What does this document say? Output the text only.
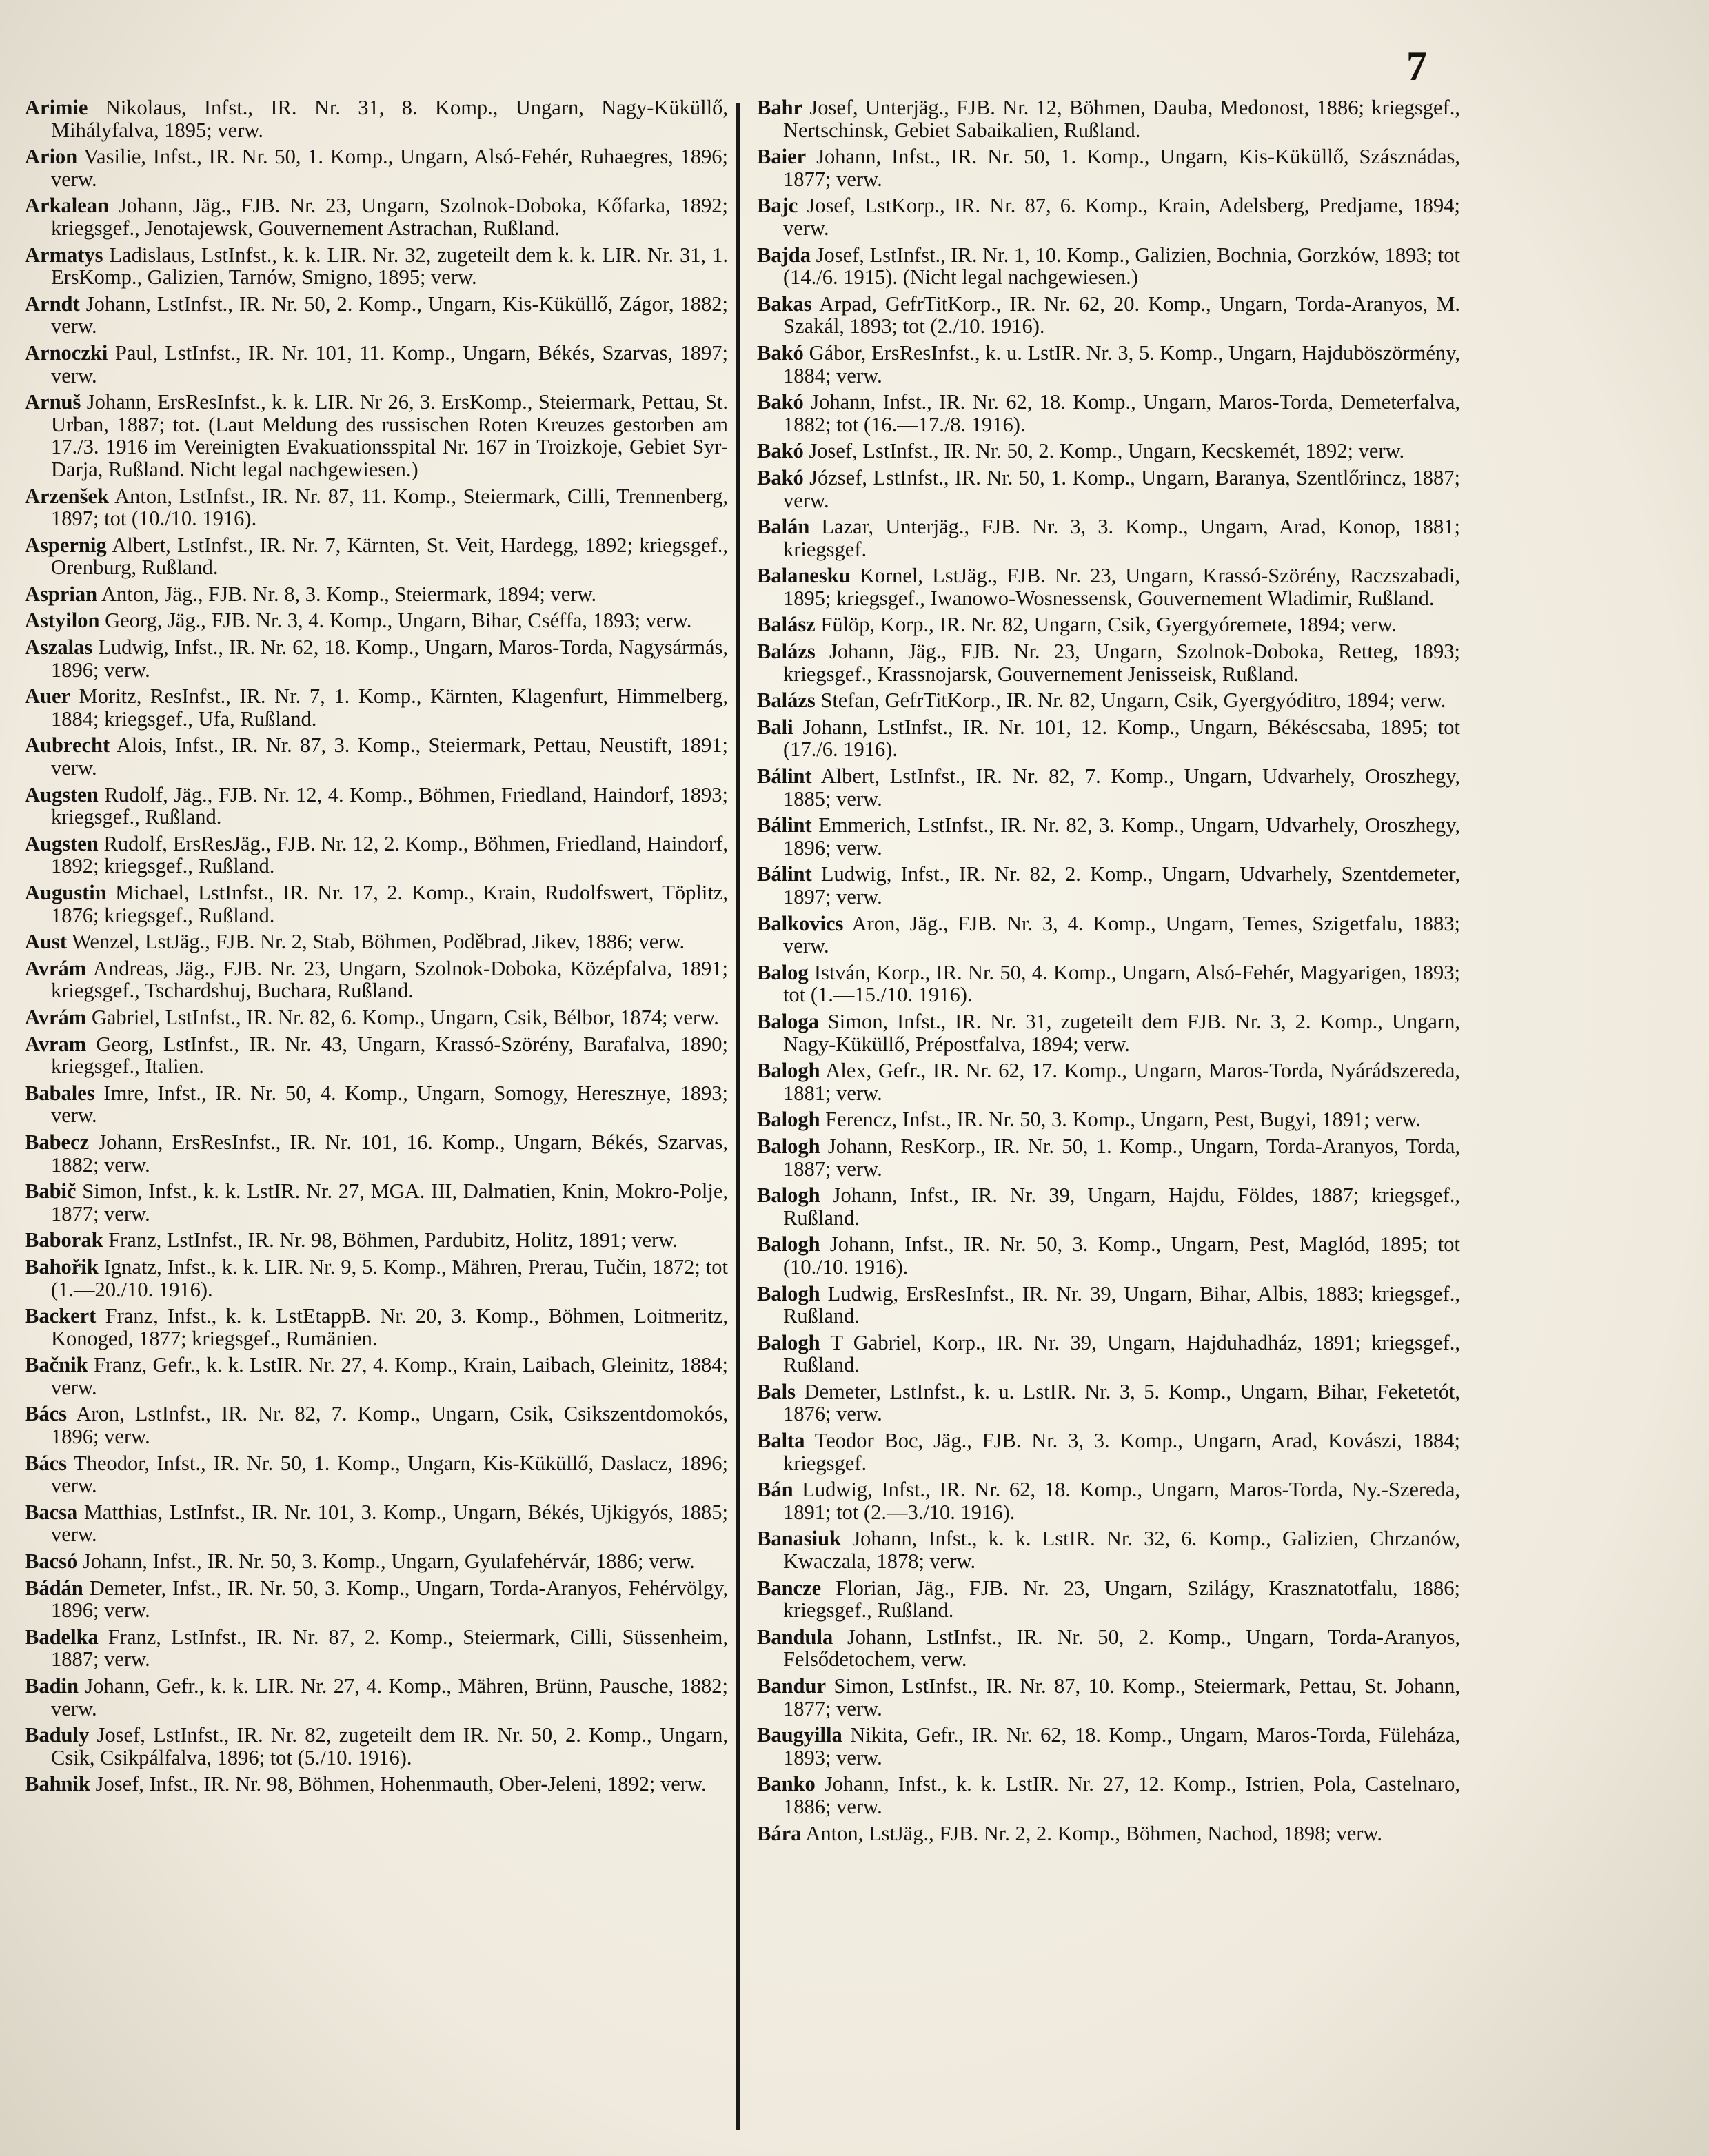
7

Arimie Nikolaus, Infst., IR. Nr. 31, 8. Komp., Ungarn, Nagy-Küküllő, Mihályfalva, 1895; verw.

Arion Vasilie, Infst., IR. Nr. 50, 1. Komp., Ungarn, Alsó-Fehér, Ruhaegres, 1896; verw.

Arkalean Johann, Jäg., FJB. Nr. 23, Ungarn, Szolnok-Doboka, Kőfarka, 1892; kriegsgef., Jenotajewsk, Gouvernement Astrachan, Rußland.

Armatys Ladislaus, LstInfst., k. k. LIR. Nr. 32, zugeteilt dem k. k. LIR. Nr. 31, 1. ErsKomp., Galizien, Tarnów, Smigno, 1895; verw.

Arndt Johann, LstInfst., IR. Nr. 50, 2. Komp., Ungarn, Kis-Küküllő, Zágor, 1882; verw.

Arnoczki Paul, LstInfst., IR. Nr. 101, 11. Komp., Ungarn, Békés, Szarvas, 1897; verw.

Arnuš Johann, ErsResInfst., k. k. LIR. Nr 26, 3. ErsKomp., Steiermark, Pettau, St. Urban, 1887; tot. (Laut Meldung des russischen Roten Kreuzes gestorben am 17./3. 1916 im Vereinigten Evakuationsspital Nr. 167 in Troizkoje, Gebiet Syr-Darja, Rußland. Nicht legal nachgewiesen.)

Arzenšek Anton, LstInfst., IR. Nr. 87, 11. Komp., Steiermark, Cilli, Trennenberg, 1897; tot (10./10. 1916).

Aspernig Albert, LstInfst., IR. Nr. 7, Kärnten, St. Veit, Hardegg, 1892; kriegsgef., Orenburg, Rußland.

Asprian Anton, Jäg., FJB. Nr. 8, 3. Komp., Steiermark, 1894; verw.

Astyilon Georg, Jäg., FJB. Nr. 3, 4. Komp., Ungarn, Bihar, Cséffa, 1893; verw.

Aszalas Ludwig, Infst., IR. Nr. 62, 18. Komp., Ungarn, Maros-Torda, Nagysármás, 1896; verw.

Auer Moritz, ResInfst., IR. Nr. 7, 1. Komp., Kärnten, Klagenfurt, Himmelberg, 1884; kriegsgef., Ufa, Rußland.

Aubrecht Alois, Infst., IR. Nr. 87, 3. Komp., Steiermark, Pettau, Neustift, 1891; verw.

Augsten Rudolf, Jäg., FJB. Nr. 12, 4. Komp., Böhmen, Friedland, Haindorf, 1893; kriegsgef., Rußland.

Augsten Rudolf, ErsResJäg., FJB. Nr. 12, 2. Komp., Böhmen, Friedland, Haindorf, 1892; kriegsgef., Rußland.

Augustin Michael, LstInfst., IR. Nr. 17, 2. Komp., Krain, Rudolfswert, Töplitz, 1876; kriegsgef., Rußland.

Aust Wenzel, LstJäg., FJB. Nr. 2, Stab, Böhmen, Poděbrad, Jikev, 1886; verw.

Avrám Andreas, Jäg., FJB. Nr. 23, Ungarn, Szolnok-Doboka, Középfalva, 1891; kriegsgef., Tschardshuj, Buchara, Rußland.

Avrám Gabriel, LstInfst., IR. Nr. 82, 6. Komp., Ungarn, Csik, Bélbor, 1874; verw.

Avram Georg, LstInfst., IR. Nr. 43, Ungarn, Krassó-Szörény, Barafalva, 1890; kriegsgef., Italien.

Babales Imre, Infst., IR. Nr. 50, 4. Komp., Ungarn, Somogy, Hereszнye, 1893; verw.

Babecz Johann, ErsResInfst., IR. Nr. 101, 16. Komp., Ungarn, Békés, Szarvas, 1882; verw.

Babič Simon, Infst., k. k. LstIR. Nr. 27, MGA. III, Dalmatien, Knin, Mokro-Polje, 1877; verw.

Baborak Franz, LstInfst., IR. Nr. 98, Böhmen, Pardubitz, Holitz, 1891; verw.

Bahořik Ignatz, Infst., k. k. LIR. Nr. 9, 5. Komp., Mähren, Prerau, Tučin, 1872; tot (1.—20./10. 1916).

Backert Franz, Infst., k. k. LstEtappB. Nr. 20, 3. Komp., Böhmen, Loitmeritz, Konoged, 1877; kriegsgef., Rumänien.

Bačnik Franz, Gefr., k. k. LstIR. Nr. 27, 4. Komp., Krain, Laibach, Gleinitz, 1884; verw.

Bács Aron, LstInfst., IR. Nr. 82, 7. Komp., Ungarn, Csik, Csikszentdomokós, 1896; verw.

Bács Theodor, Infst., IR. Nr. 50, 1. Komp., Ungarn, Kis-Küküllő, Daslacz, 1896; verw.

Bacsa Matthias, LstInfst., IR. Nr. 101, 3. Komp., Ungarn, Békés, Ujkigyós, 1885; verw.

Bacsó Johann, Infst., IR. Nr. 50, 3. Komp., Ungarn, Gyulafehérvár, 1886; verw.

Bádán Demeter, Infst., IR. Nr. 50, 3. Komp., Ungarn, Torda-Aranyos, Fehérvölgy, 1896; verw.

Badelka Franz, LstInfst., IR. Nr. 87, 2. Komp., Steiermark, Cilli, Süssenheim, 1887; verw.

Badin Johann, Gefr., k. k. LIR. Nr. 27, 4. Komp., Mähren, Brünn, Pausche, 1882; verw.

Baduly Josef, LstInfst., IR. Nr. 82, zugeteilt dem IR. Nr. 50, 2. Komp., Ungarn, Csik, Csikpálfalva, 1896; tot (5./10. 1916).

Bahnik Josef, Infst., IR. Nr. 98, Böhmen, Hohenmauth, Ober-Jeleni, 1892; verw.

Bahr Josef, Unterjäg., FJB. Nr. 12, Böhmen, Dauba, Medonost, 1886; kriegsgef., Nertschinsk, Gebiet Sabaikalien, Rußland.

Baier Johann, Infst., IR. Nr. 50, 1. Komp., Ungarn, Kis-Küküllő, Szásznádas, 1877; verw.

Bajc Josef, LstKorp., IR. Nr. 87, 6. Komp., Krain, Adelsberg, Predjame, 1894; verw.

Bajda Josef, LstInfst., IR. Nr. 1, 10. Komp., Galizien, Bochnia, Gorzków, 1893; tot (14./6. 1915). (Nicht legal nachgewiesen.)

Bakas Arpad, GefrTitKorp., IR. Nr. 62, 20. Komp., Ungarn, Torda-Aranyos, M. Szakál, 1893; tot (2./10. 1916).

Bakó Gábor, ErsResInfst., k. u. LstIR. Nr. 3, 5. Komp., Ungarn, Hajduböszörmény, 1884; verw.

Bakó Johann, Infst., IR. Nr. 62, 18. Komp., Ungarn, Maros-Torda, Demeterfalva, 1882; tot (16.—17./8. 1916).

Bakó Josef, LstInfst., IR. Nr. 50, 2. Komp., Ungarn, Kecskemét, 1892; verw.

Bakó József, LstInfst., IR. Nr. 50, 1. Komp., Ungarn, Baranya, Szentlőrincz, 1887; verw.

Balán Lazar, Unterjäg., FJB. Nr. 3, 3. Komp., Ungarn, Arad, Konop, 1881; kriegsgef.

Balanesku Kornel, LstJäg., FJB. Nr. 23, Ungarn, Krassó-Szörény, Raczszabadi, 1895; kriegsgef., Iwanowo-Wosnessensk, Gouvernement Wladimir, Rußland.

Balász Fülöp, Korp., IR. Nr. 82, Ungarn, Csik, Gyergyóremete, 1894; verw.

Balázs Johann, Jäg., FJB. Nr. 23, Ungarn, Szolnok-Doboka, Retteg, 1893; kriegsgef., Krassnojarsk, Gouvernement Jenisseisk, Rußland.

Balázs Stefan, GefrTitKorp., IR. Nr. 82, Ungarn, Csik, Gyergyóditro, 1894; verw.

Bali Johann, LstInfst., IR. Nr. 101, 12. Komp., Ungarn, Békéscsaba, 1895; tot (17./6. 1916).

Bálint Albert, LstInfst., IR. Nr. 82, 7. Komp., Ungarn, Udvarhely, Oroszhegy, 1885; verw.

Bálint Emmerich, LstInfst., IR. Nr. 82, 3. Komp., Ungarn, Udvarhely, Oroszhegy, 1896; verw.

Bálint Ludwig, Infst., IR. Nr. 82, 2. Komp., Ungarn, Udvarhely, Szentdemeter, 1897; verw.

Balkovics Aron, Jäg., FJB. Nr. 3, 4. Komp., Ungarn, Temes, Szigetfalu, 1883; verw.

Balog István, Korp., IR. Nr. 50, 4. Komp., Ungarn, Alsó-Fehér, Magyarigen, 1893; tot (1.—15./10. 1916).

Baloga Simon, Infst., IR. Nr. 31, zugeteilt dem FJB. Nr. 3, 2. Komp., Ungarn, Nagy-Küküllő, Prépostfalva, 1894; verw.

Balogh Alex, Gefr., IR. Nr. 62, 17. Komp., Ungarn, Maros-Torda, Nyárádszereda, 1881; verw.

Balogh Ferencz, Infst., IR. Nr. 50, 3. Komp., Ungarn, Pest, Bugyi, 1891; verw.

Balogh Johann, ResKorp., IR. Nr. 50, 1. Komp., Ungarn, Torda-Aranyos, Torda, 1887; verw.

Balogh Johann, Infst., IR. Nr. 39, Ungarn, Hajdu, Földes, 1887; kriegsgef., Rußland.

Balogh Johann, Infst., IR. Nr. 50, 3. Komp., Ungarn, Pest, Maglód, 1895; tot (10./10. 1916).

Balogh Ludwig, ErsResInfst., IR. Nr. 39, Ungarn, Bihar, Albis, 1883; kriegsgef., Rußland.

Balogh T Gabriel, Korp., IR. Nr. 39, Ungarn, Hajduhadház, 1891; kriegsgef., Rußland.

Bals Demeter, LstInfst., k. u. LstIR. Nr. 3, 5. Komp., Ungarn, Bihar, Feketetót, 1876; verw.

Balta Teodor Boc, Jäg., FJB. Nr. 3, 3. Komp., Ungarn, Arad, Kovászi, 1884; kriegsgef.

Bán Ludwig, Infst., IR. Nr. 62, 18. Komp., Ungarn, Maros-Torda, Ny.-Szereda, 1891; tot (2.—3./10. 1916).

Banasiuk Johann, Infst., k. k. LstIR. Nr. 32, 6. Komp., Galizien, Chrzanów, Kwaczala, 1878; verw.

Bancze Florian, Jäg., FJB. Nr. 23, Ungarn, Szilágy, Krasznatotfalu, 1886; kriegsgef., Rußland.

Bandula Johann, LstInfst., IR. Nr. 50, 2. Komp., Ungarn, Torda-Aranyos, Felsődetochem, verw.

Bandur Simon, LstInfst., IR. Nr. 87, 10. Komp., Steiermark, Pettau, St. Johann, 1877; verw.

Baugyilla Nikita, Gefr., IR. Nr. 62, 18. Komp., Ungarn, Maros-Torda, Füleháza, 1893; verw.

Banko Johann, Infst., k. k. LstIR. Nr. 27, 12. Komp., Istrien, Pola, Castelnaro, 1886; verw.

Bára Anton, LstJäg., FJB. Nr. 2, 2. Komp., Böhmen, Nachod, 1898; verw.
